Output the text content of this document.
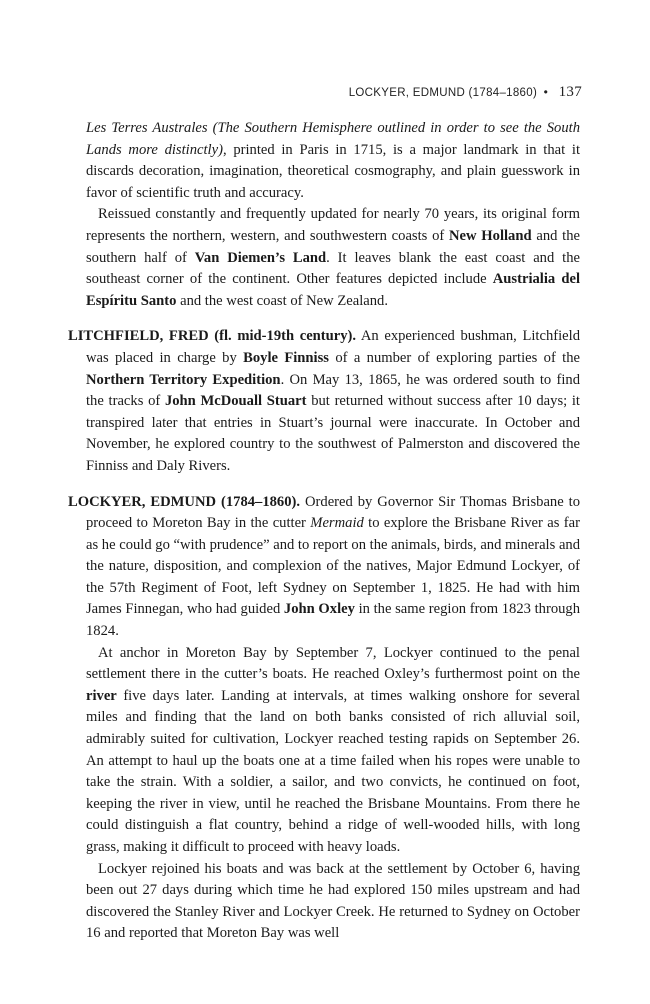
LOCKYER, EDMUND (1784–1860) • 137

Les Terres Australes (The Southern Hemisphere outlined in order to see the South Lands more distinctly), printed in Paris in 1715, is a major landmark in that it discards decoration, imagination, theoretical cosmography, and plain guesswork in favor of scientific truth and accuracy.

Reissued constantly and frequently updated for nearly 70 years, its original form represents the northern, western, and southwestern coasts of New Holland and the southern half of Van Diemen’s Land. It leaves blank the east coast and the southeast corner of the continent. Other features depicted include Austrialia del Espíritu Santo and the west coast of New Zealand.

LITCHFIELD, FRED (fl. mid-19th century). An experienced bushman, Litchfield was placed in charge by Boyle Finniss of a number of exploring parties of the Northern Territory Expedition. On May 13, 1865, he was ordered south to find the tracks of John McDouall Stuart but returned without success after 10 days; it transpired later that entries in Stuart’s journal were inaccurate. In October and November, he explored country to the southwest of Palmerston and discovered the Finniss and Daly Rivers.

LOCKYER, EDMUND (1784–1860). Ordered by Governor Sir Thomas Brisbane to proceed to Moreton Bay in the cutter Mermaid to explore the Brisbane River as far as he could go “with prudence” and to report on the animals, birds, and minerals and the nature, disposition, and complexion of the natives, Major Edmund Lockyer, of the 57th Regiment of Foot, left Sydney on September 1, 1825. He had with him James Finnegan, who had guided John Oxley in the same region from 1823 through 1824.

At anchor in Moreton Bay by September 7, Lockyer continued to the penal settlement there in the cutter’s boats. He reached Oxley’s furthermost point on the river five days later. Landing at intervals, at times walking onshore for several miles and finding that the land on both banks consisted of rich alluvial soil, admirably suited for cultivation, Lockyer reached testing rapids on September 26. An attempt to haul up the boats one at a time failed when his ropes were unable to take the strain. With a soldier, a sailor, and two convicts, he continued on foot, keeping the river in view, until he reached the Brisbane Mountains. From there he could distinguish a flat country, behind a ridge of well-wooded hills, with long grass, making it difficult to proceed with heavy loads.

Lockyer rejoined his boats and was back at the settlement by October 6, having been out 27 days during which time he had explored 150 miles upstream and had discovered the Stanley River and Lockyer Creek. He returned to Sydney on October 16 and reported that Moreton Bay was well
